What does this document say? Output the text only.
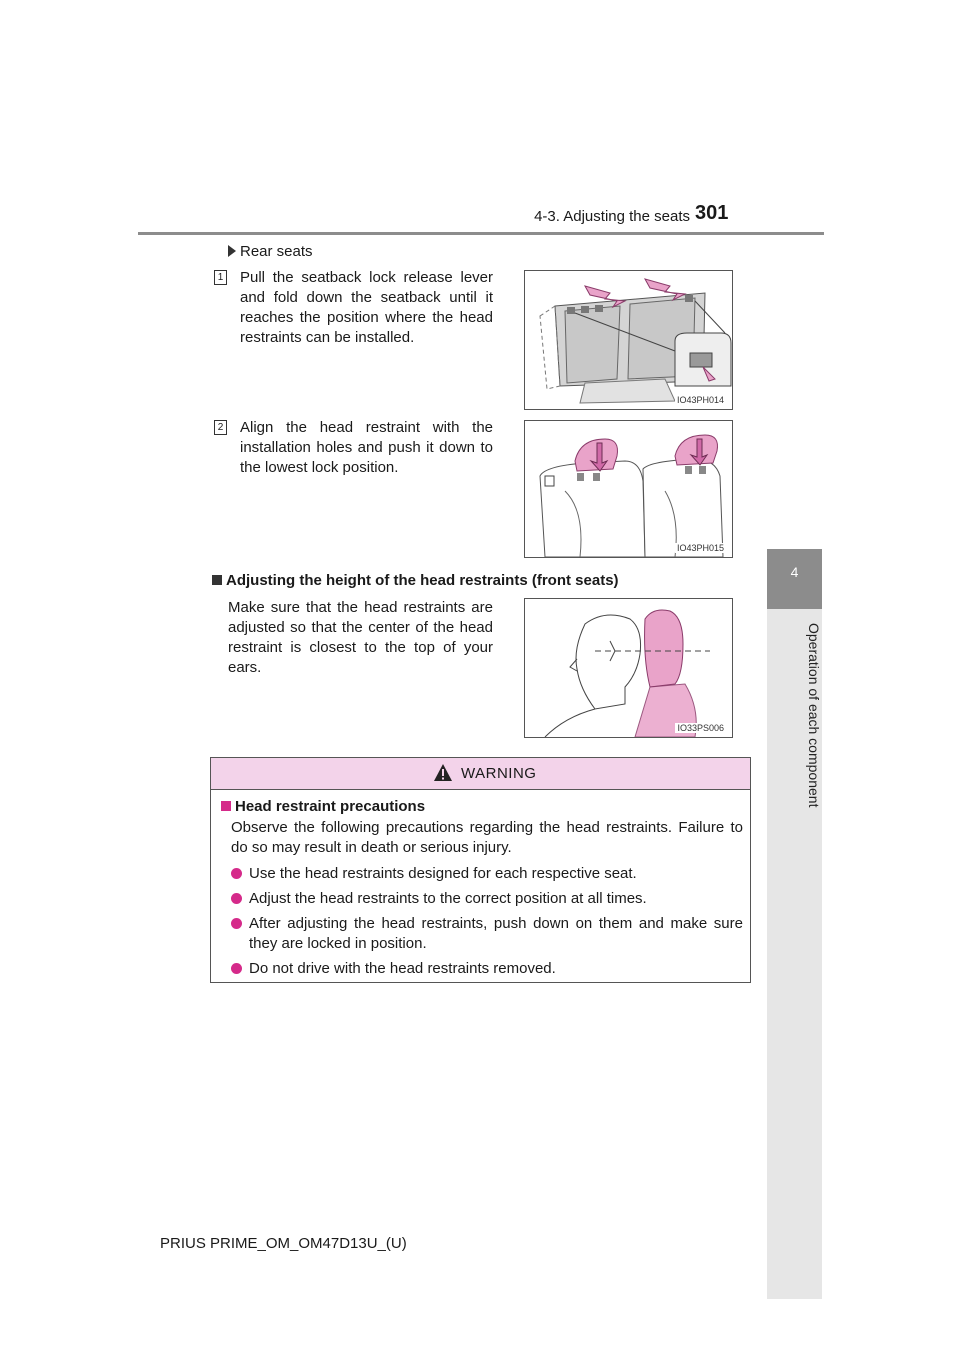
4-3. Adjusting the seats 301
4
Operation of each component
Rear seats
1 Pull the seatback lock release lever and fold down the seatback until it reaches the position where the head restraints can be installed.
IO43PH014
2 Align the head restraint with the installation holes and push it down to the lowest lock position.
IO43PH015
Adjusting the height of the head restraints (front seats)
Make sure that the head restraints are adjusted so that the center of the head restraint is closest to the top of your ears.
IO33PS006
WARNING
Head restraint precautions
Observe the following precautions regarding the head restraints. Failure to do so may result in death or serious injury.
Use the head restraints designed for each respective seat.
Adjust the head restraints to the correct position at all times.
After adjusting the head restraints, push down on them and make sure they are locked in position.
Do not drive with the head restraints removed.
PRIUS PRIME_OM_OM47D13U_(U)
